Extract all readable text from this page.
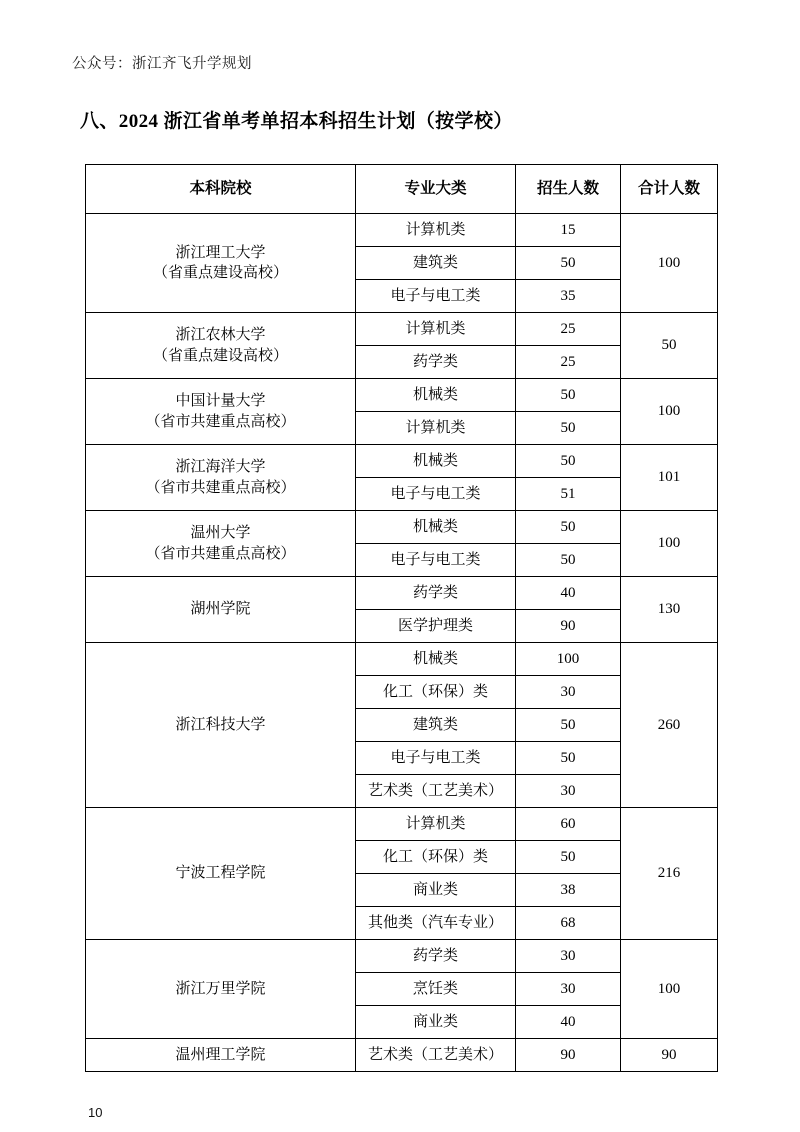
公众号：浙江齐飞升学规划
八、2024 浙江省单考单招本科招生计划（按学校）
本科院校	专业大类	招生人数	合计人数

浙江理工大学
（省重点建设高校）	计算机类	15	100
	建筑类	50	
	电子与电工类	35	

浙江农林大学
（省重点建设高校）	计算机类	25	50
	药学类	25	

中国计量大学
（省市共建重点高校）	机械类	50	100
	计算机类	50	

浙江海洋大学
（省市共建重点高校）	机械类	50	101
	电子与电工类	51	

温州大学
（省市共建重点高校）	机械类	50	100
	电子与电工类	50	

湖州学院	药学类	40	130
	医学护理类	90	

浙江科技大学	机械类	100	260
	化工（环保）类	30	
	建筑类	50	
	电子与电工类	50	
	艺术类（工艺美术）	30	

宁波工程学院	计算机类	60	216
	化工（环保）类	50	
	商业类	38	
	其他类（汽车专业）	68	

浙江万里学院	药学类	30	100
	烹饪类	30	
	商业类	40	

温州理工学院	艺术类（工艺美术）	90	90
10
